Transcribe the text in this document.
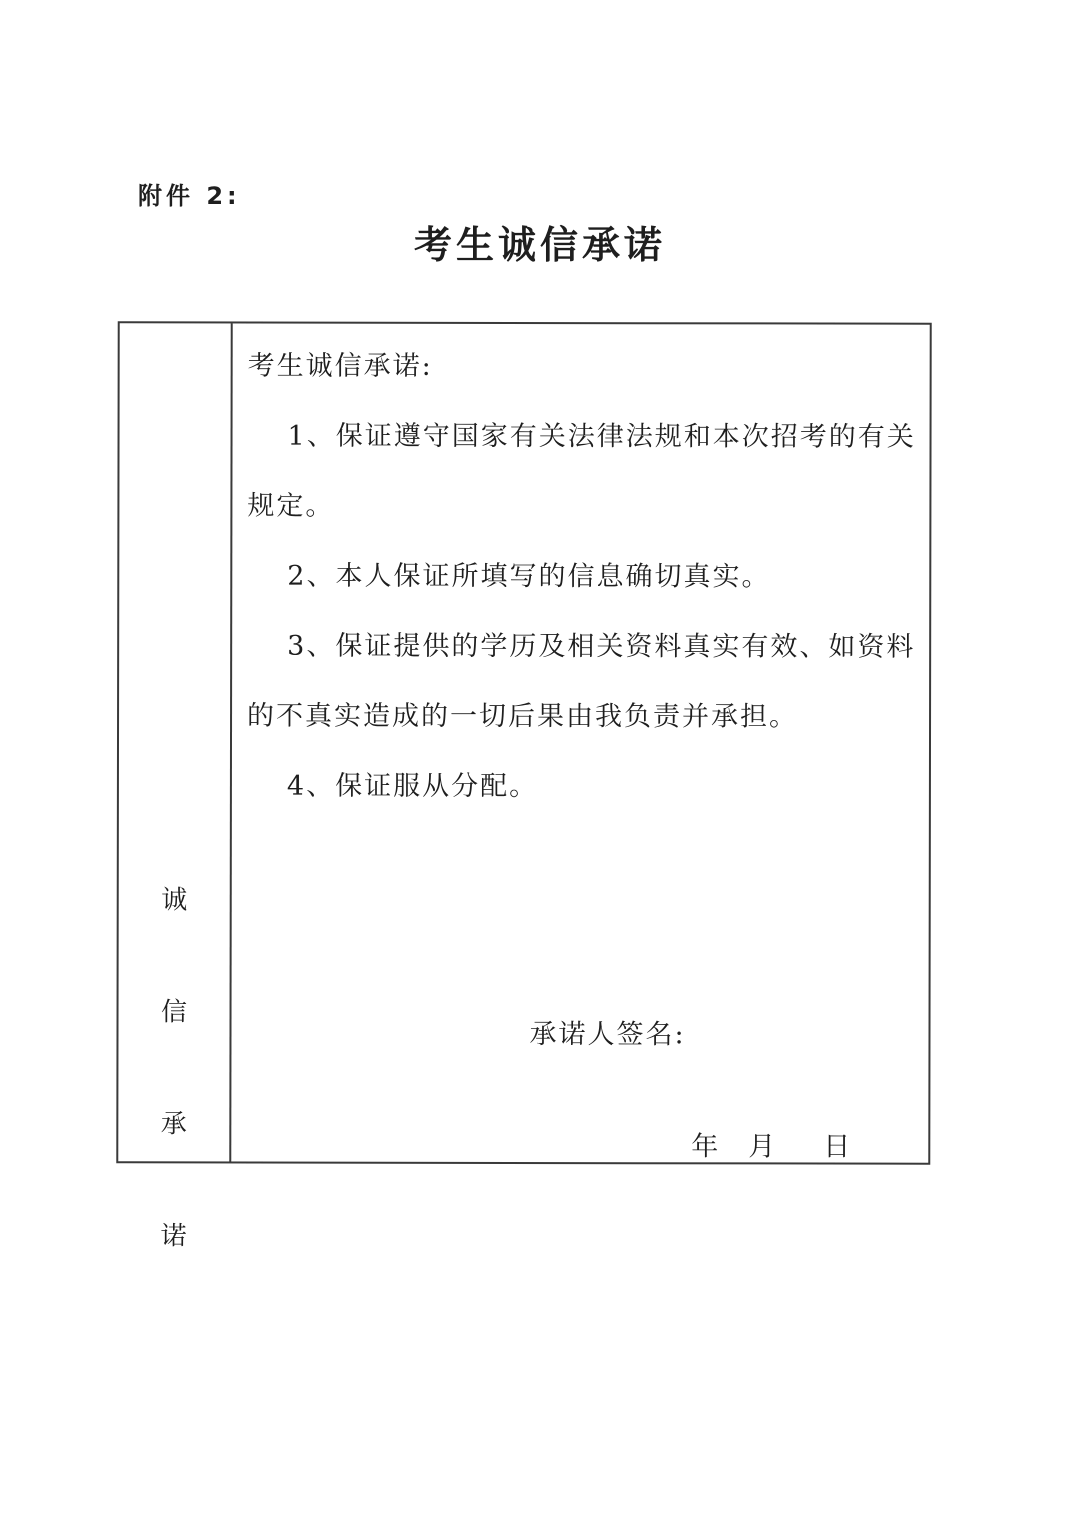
附件 2:
考生诚信承诺
诚
信
承
诺
考生诚信承诺:
1、保证遵守国家有关法律法规和本次招考的有关
规定。
2、本人保证所填写的信息确切真实。
3、保证提供的学历及相关资料真实有效、如资料
的不真实造成的一切后果由我负责并承担。
4、保证服从分配。
承诺人签名:
年 月 日
